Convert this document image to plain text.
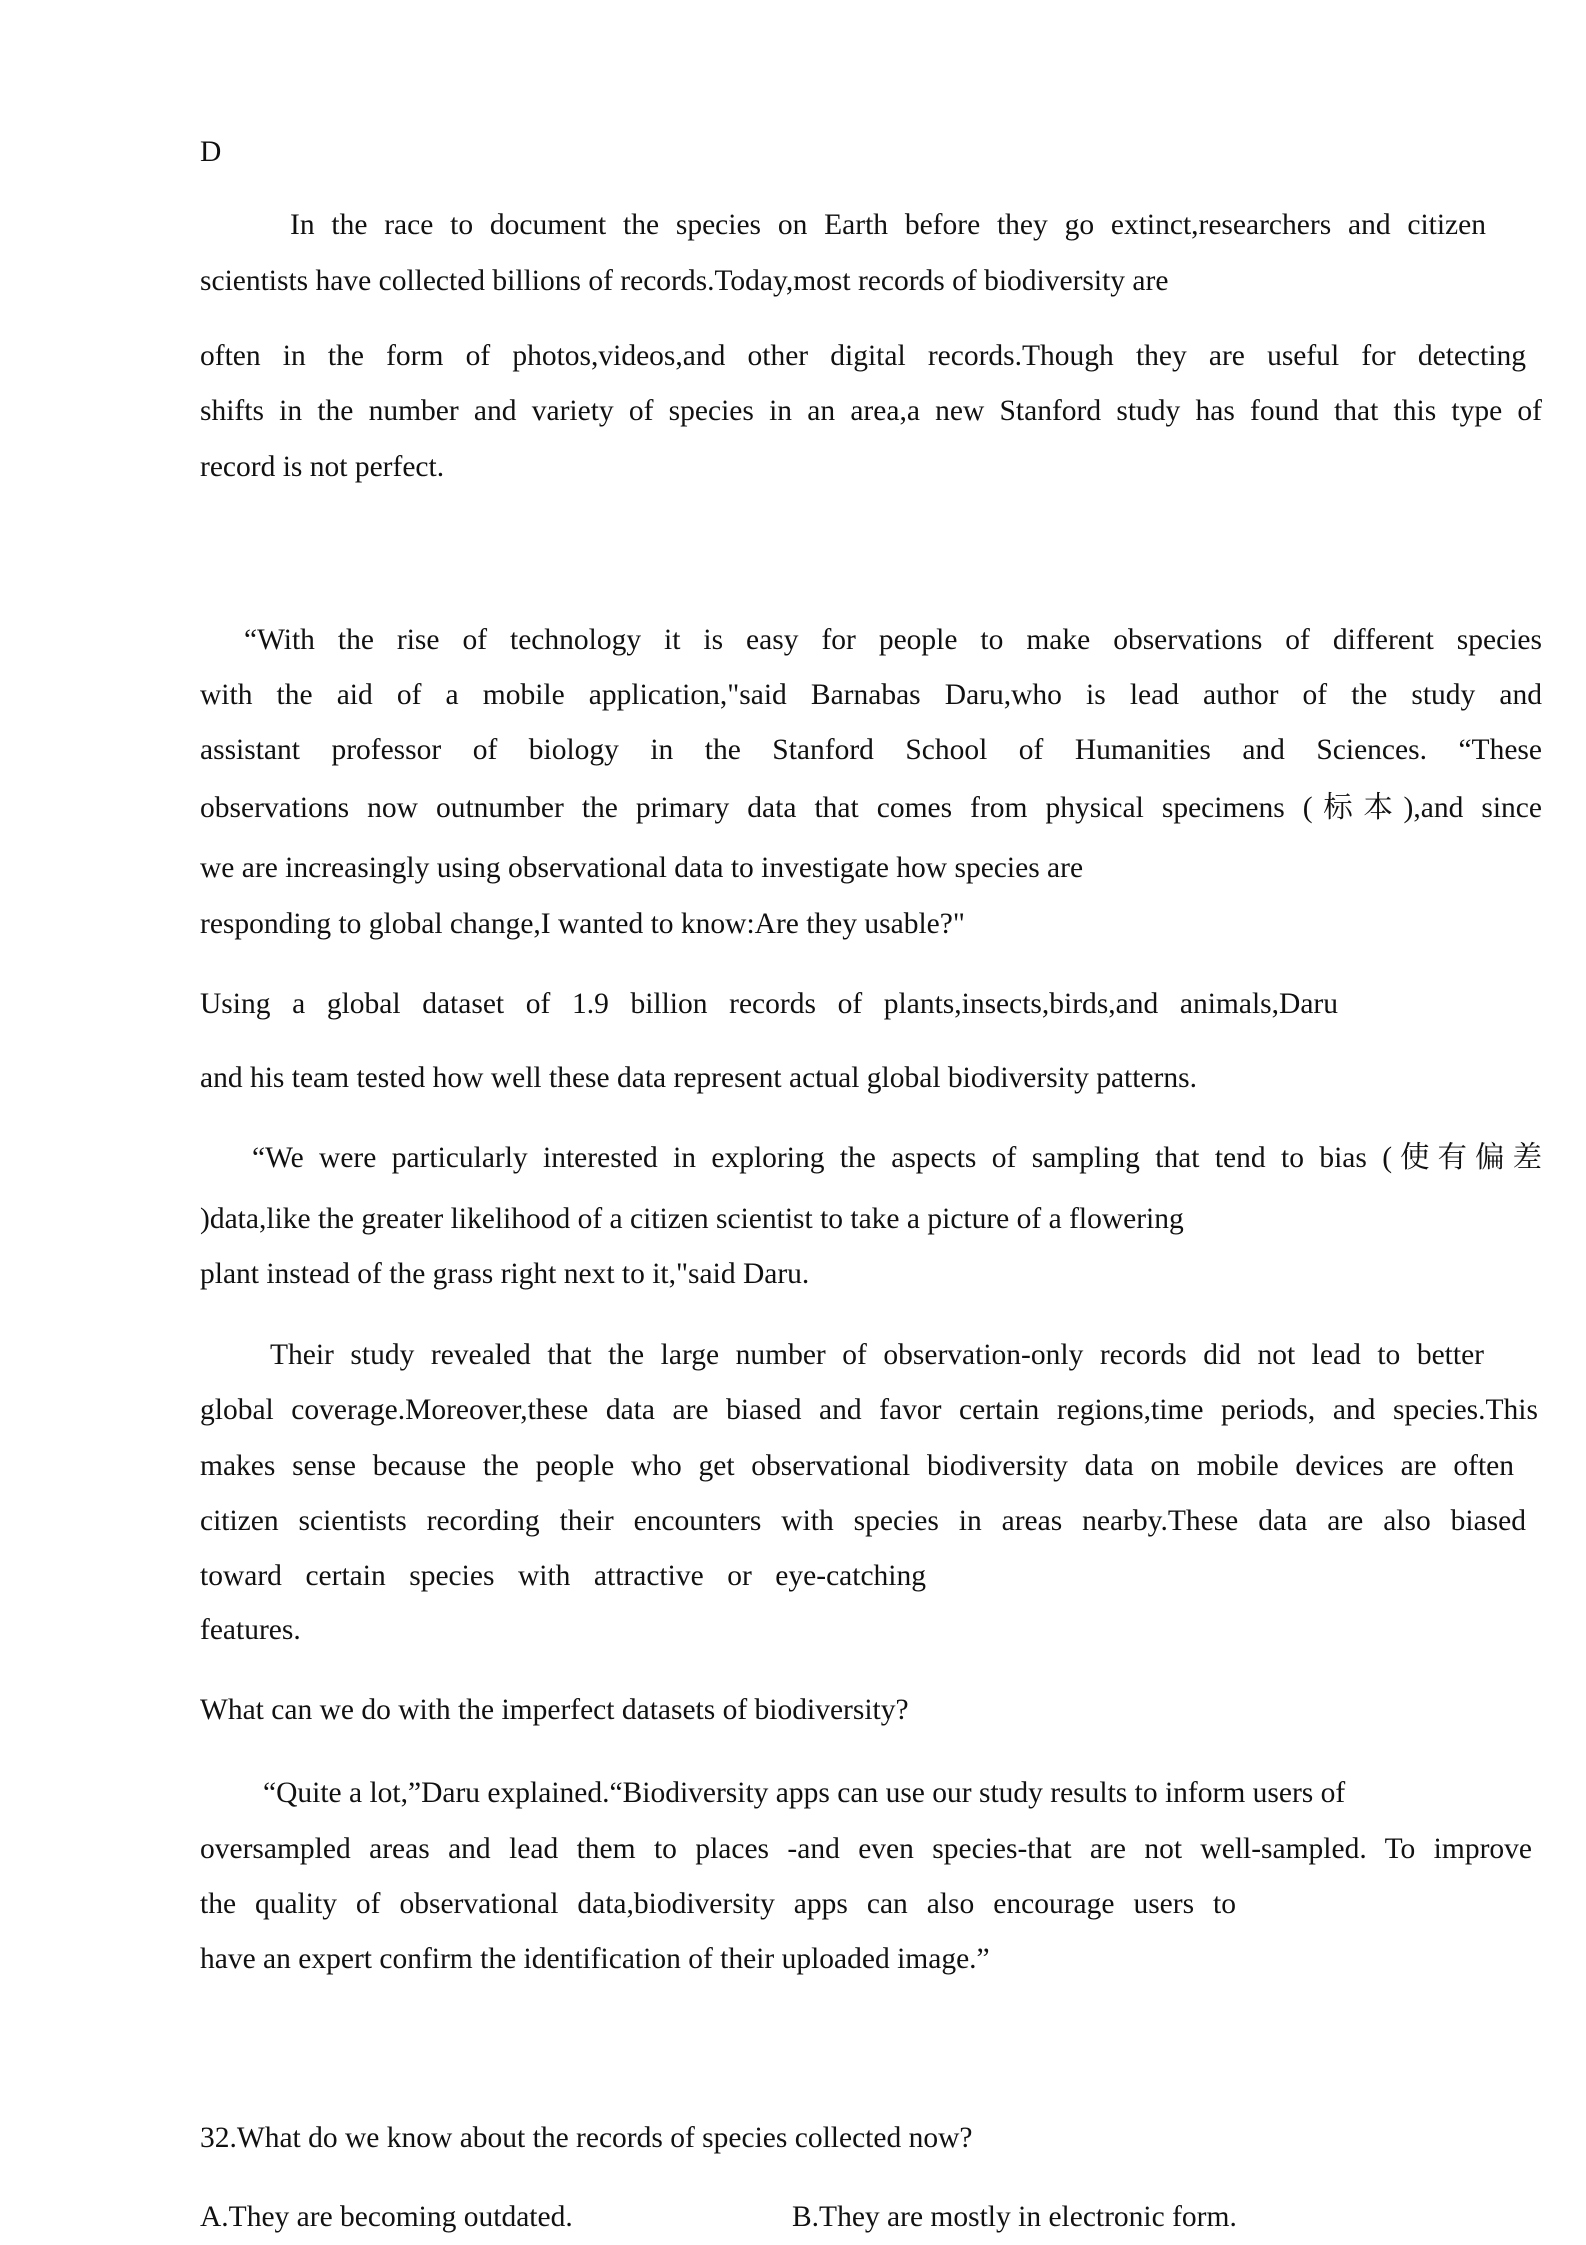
D
In the race to document the species on Earth before they go extinct,researchers and citizen
scientists have collected billions of records.Today,most records of biodiversity are
often in the form of photos,videos,and other digital records.Though they are useful for detecting
shifts in the number and variety of species in an area,a new Stanford study has found that this type of
record is not perfect.
“With the rise of technology it is easy for people to make observations of different species
with the aid of a mobile application,"said Barnabas Daru,who is lead author of the study and
assistant professor of biology in the Stanford School of Humanities and Sciences. “These
observations now outnumber the primary data that comes from physical specimens (标本),and since
we are increasingly using observational data to investigate how species are
responding to global change,I wanted to know:Are they usable?"
Using a global dataset of 1.9 billion records of plants,insects,birds,and animals,Daru
and his team tested how well these data represent actual global biodiversity patterns.
“We were particularly interested in exploring the aspects of sampling that tend to bias (使有偏差
)data,like the greater likelihood of a citizen scientist to take a picture of a flowering
plant instead of the grass right next to it,"said Daru.
Their study revealed that the large number of observation-only records did not lead to better
global coverage.Moreover,these data are biased and favor certain regions,time periods, and species.This
makes sense because the people who get observational biodiversity data on mobile devices are often
citizen scientists recording their encounters with species in areas nearby.These data are also biased
toward certain species with attractive or eye-catching
features.
What can we do with the imperfect datasets of biodiversity?
“Quite a lot,”Daru explained.“Biodiversity apps can use our study results to inform users of
oversampled areas and lead them to places -and even species-that are not well-sampled. To improve
the quality of observational data,biodiversity apps can also encourage users to
have an expert confirm the identification of their uploaded image.”
32.What do we know about the records of species collected now?
A.They are becoming outdated.	B.They are mostly in electronic form.
